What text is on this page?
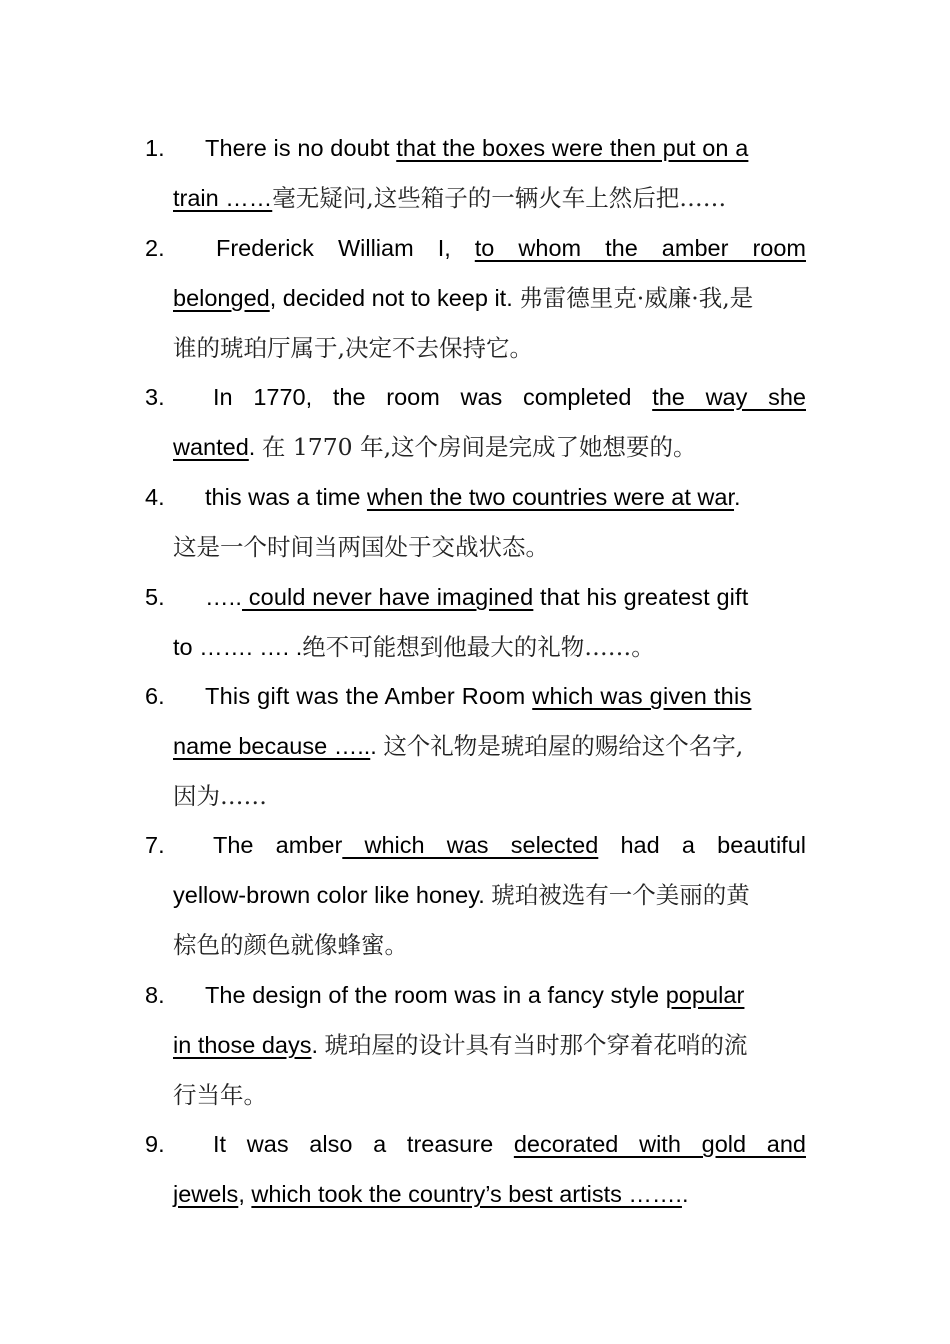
1.	There is no doubt that the boxes were then put on a
train ……毫无疑问,这些箱子的一辆火车上然后把……
2.	Frederick William I, to whom the amber room
belonged, decided not to keep it. 弗雷德里克·威廉·我,是
谁的琥珀厅属于,决定不去保持它。
3.	In 1770, the room was completed the way she
wanted. 在 1770 年,这个房间是完成了她想要的。
4.	this was a time when the two countries were at war.
这是一个时间当两国处于交战状态。
5.	….. could never have imagined that his greatest gift
to ……. …. .绝不可能想到他最大的礼物……。
6.	This gift was the Amber Room which was given this
name because …... 这个礼物是琥珀屋的赐给这个名字,
因为……
7.	The amber which was selected had a beautiful
yellow-brown color like honey. 琥珀被选有一个美丽的黄
棕色的颜色就像蜂蜜。
8.	The design of the room was in a fancy style popular
in those days. 琥珀屋的设计具有当时那个穿着花哨的流
行当年。
9.	It was also a treasure decorated with gold and
jewels, which took the country’s best artists ……..
